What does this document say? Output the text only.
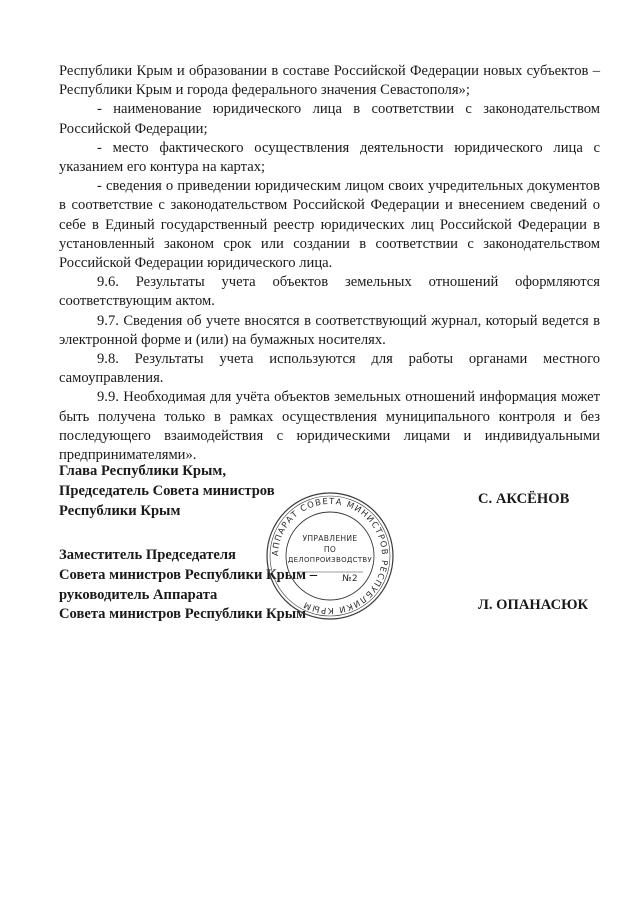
Республики Крым и образовании в составе Российской Федерации новых субъектов – Республики Крым и города федерального значения Севастополя»;

- наименование юридического лица в соответствии с законодательством Российской Федерации;

- место фактического осуществления деятельности юридического лица с указанием его контура на картах;

- сведения о приведении юридическим лицом своих учредительных документов в соответствие с законодательством Российской Федерации и внесением сведений о себе в Единый государственный реестр юридических лиц Российской Федерации в установленный законом срок или создании в соответствии с законодательством Российской Федерации юридического лица.

9.6. Результаты учета объектов земельных отношений оформляются соответствующим актом.

9.7. Сведения об учете вносятся в соответствующий журнал, который ведется в электронной форме и (или) на бумажных носителях.

9.8. Результаты учета используются для работы органами местного самоуправления.

9.9. Необходимая для учёта объектов земельных отношений информация может быть получена только в рамках осуществления муниципального контроля и без последующего взаимодействия с юридическими лицами и индивидуальными предпринимателями».

Глава Республики Крым,
Председатель Совета министров
Республики Крым
С. АКСЁНОВ
Заместитель Председателя
Совета министров Республики Крым –
руководитель Аппарата
Совета министров Республики Крым
Л. ОПАНАСЮК
АППАРАТ СОВЕТА МИНИСТРОВ РЕСПУБЛИКИ КРЫМ
УПРАВЛЕНИЕ
ПО
ДЕЛОПРОИЗВОДСТВУ
№2
